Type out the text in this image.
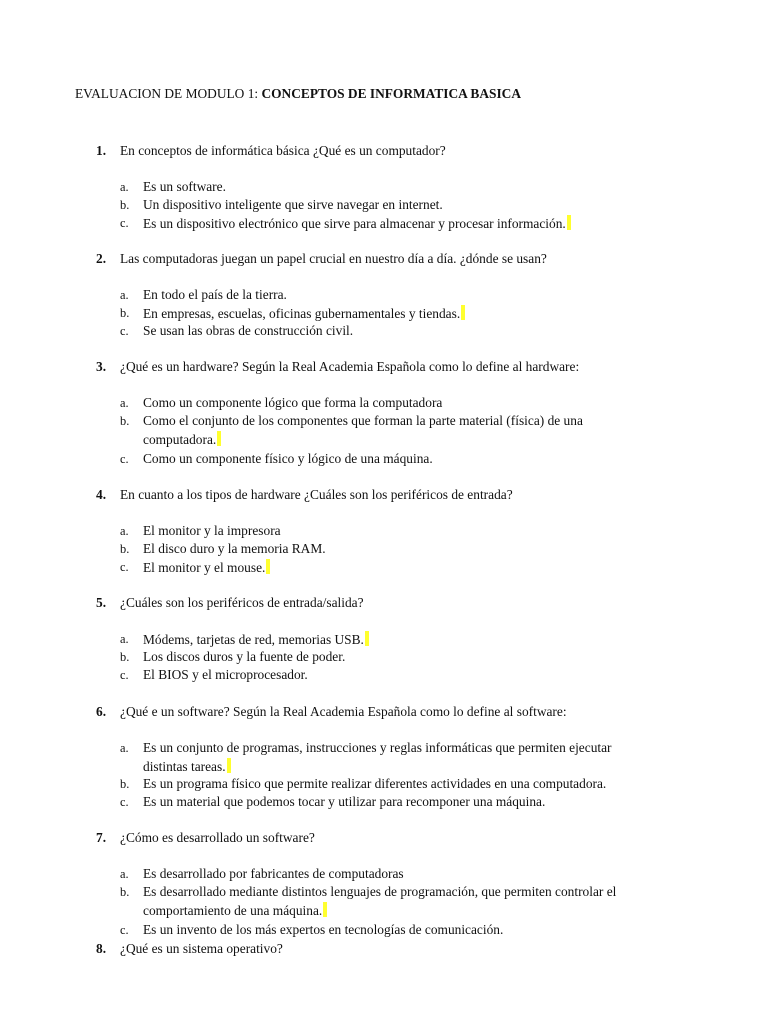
EVALUACION DE MODULO 1: CONCEPTOS DE INFORMATICA BASICA
1. En conceptos de informática básica ¿Qué es un computador?
a. Es un software.
b. Un dispositivo inteligente que sirve navegar en internet.
c. Es un dispositivo electrónico que sirve para almacenar y procesar información.
2. Las computadoras juegan un papel crucial en nuestro día a día. ¿dónde se usan?
a. En todo el país de la tierra.
b. En empresas, escuelas, oficinas gubernamentales y tiendas.
c. Se usan las obras de construcción civil.
3. ¿Qué es un hardware? Según la Real Academia Española como lo define al hardware:
a. Como un componente lógico que forma la computadora
b. Como el conjunto de los componentes que forman la parte material (física) de una
computadora.
c. Como un componente físico y lógico de una máquina.
4. En cuanto a los tipos de hardware ¿Cuáles son los periféricos de entrada?
a. El monitor y la impresora
b. El disco duro y la memoria RAM.
c. El monitor y el mouse.
5. ¿Cuáles son los periféricos de entrada/salida?
a. Módems, tarjetas de red, memorias USB.
b. Los discos duros y la fuente de poder.
c. El BIOS y el microprocesador.
6. ¿Qué e un software? Según la Real Academia Española como lo define al software:
a. Es un conjunto de programas, instrucciones y reglas informáticas que permiten ejecutar
distintas tareas.
b. Es un programa físico que permite realizar diferentes actividades en una computadora.
c. Es un material que podemos tocar y utilizar para recomponer una máquina.
7. ¿Cómo es desarrollado un software?
a. Es desarrollado por fabricantes de computadoras
b. Es desarrollado mediante distintos lenguajes de programación, que permiten controlar el
comportamiento de una máquina.
c. Es un invento de los más expertos en tecnologías de comunicación.
8. ¿Qué es un sistema operativo?
